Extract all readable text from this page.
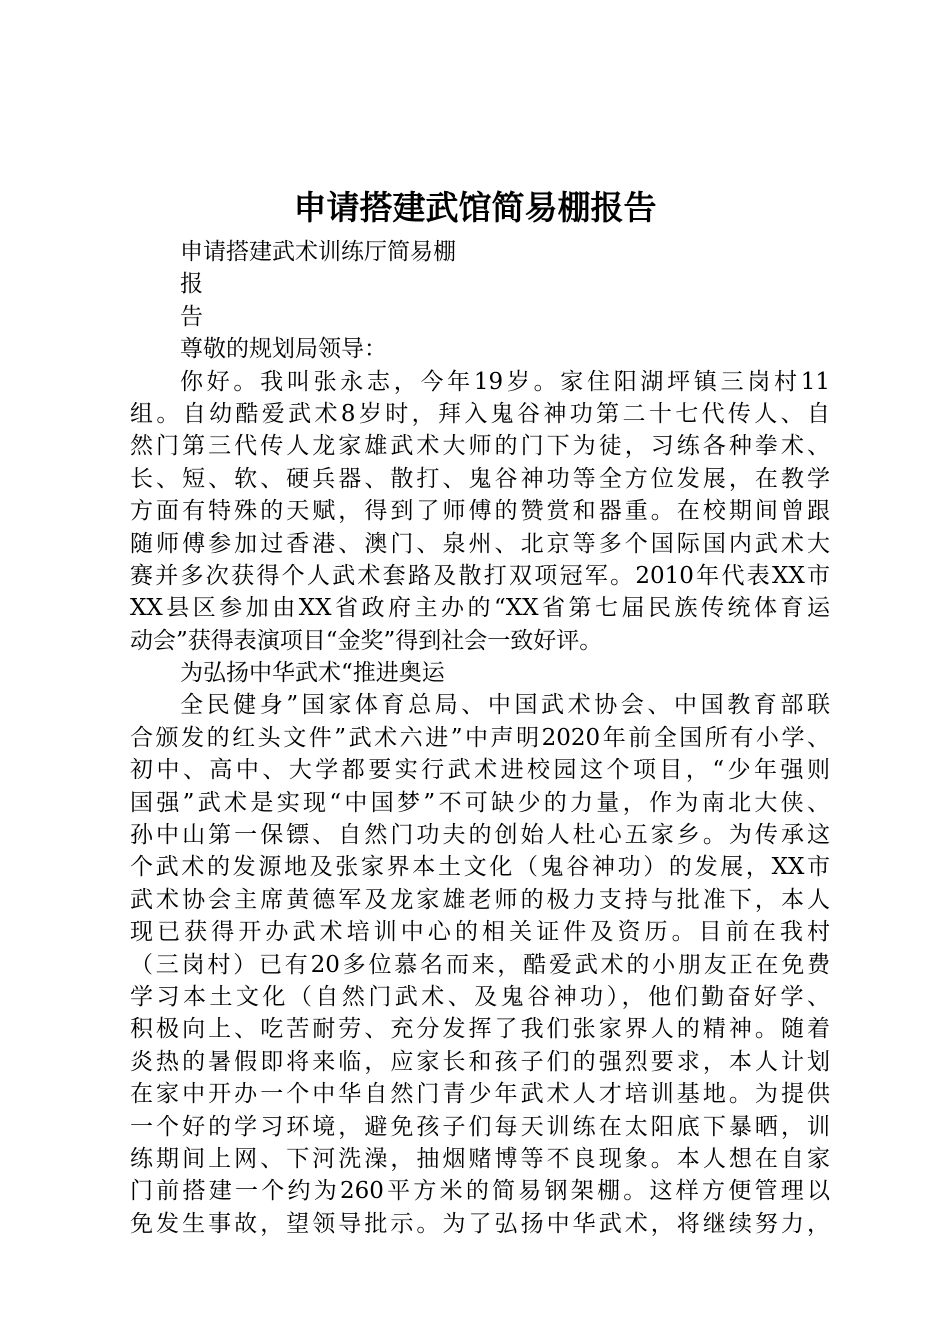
申请搭建武馆简易棚报告
申请搭建武术训练厅简易棚
报
告
尊敬的规划局领导：
你好。我叫张永志，今年19岁。家住阳湖坪镇三岗村11
组。自幼酷爱武术8岁时，拜入鬼谷神功第二十七代传人、自
然门第三代传人龙家雄武术大师的门下为徒，习练各种拳术、
长、短、软、硬兵器、散打、鬼谷神功等全方位发展，在教学
方面有特殊的天赋，得到了师傅的赞赏和器重。在校期间曾跟
随师傅参加过香港、澳门、泉州、北京等多个国际国内武术大
赛并多次获得个人武术套路及散打双项冠军。2010年代表XX市
XX县区参加由XX省政府主办的“XX省第七届民族传统体育运
动会”获得表演项目“金奖”得到社会一致好评。
为弘扬中华武术“推进奥运
全民健身”国家体育总局、中国武术协会、中国教育部联
合颁发的红头文件”武术六进”中声明2020年前全国所有小学、
初中、高中、大学都要实行武术进校园这个项目，“少年强则
国强”武术是实现“中国梦”不可缺少的力量，作为南北大侠、
孙中山第一保镖、自然门功夫的创始人杜心五家乡。为传承这
个武术的发源地及张家界本土文化（鬼谷神功）的发展，XX市
武术协会主席黄德军及龙家雄老师的极力支持与批准下，本人
现已获得开办武术培训中心的相关证件及资历。目前在我村
（三岗村）已有20多位慕名而来，酷爱武术的小朋友正在免费
学习本土文化（自然门武术、及鬼谷神功），他们勤奋好学、
积极向上、吃苦耐劳、充分发挥了我们张家界人的精神。随着
炎热的暑假即将来临，应家长和孩子们的强烈要求，本人计划
在家中开办一个中华自然门青少年武术人才培训基地。为提供
一个好的学习环境，避免孩子们每天训练在太阳底下暴晒，训
练期间上网、下河洗澡，抽烟赌博等不良现象。本人想在自家
门前搭建一个约为260平方米的简易钢架棚。这样方便管理以
免发生事故，望领导批示。为了弘扬中华武术，将继续努力，
